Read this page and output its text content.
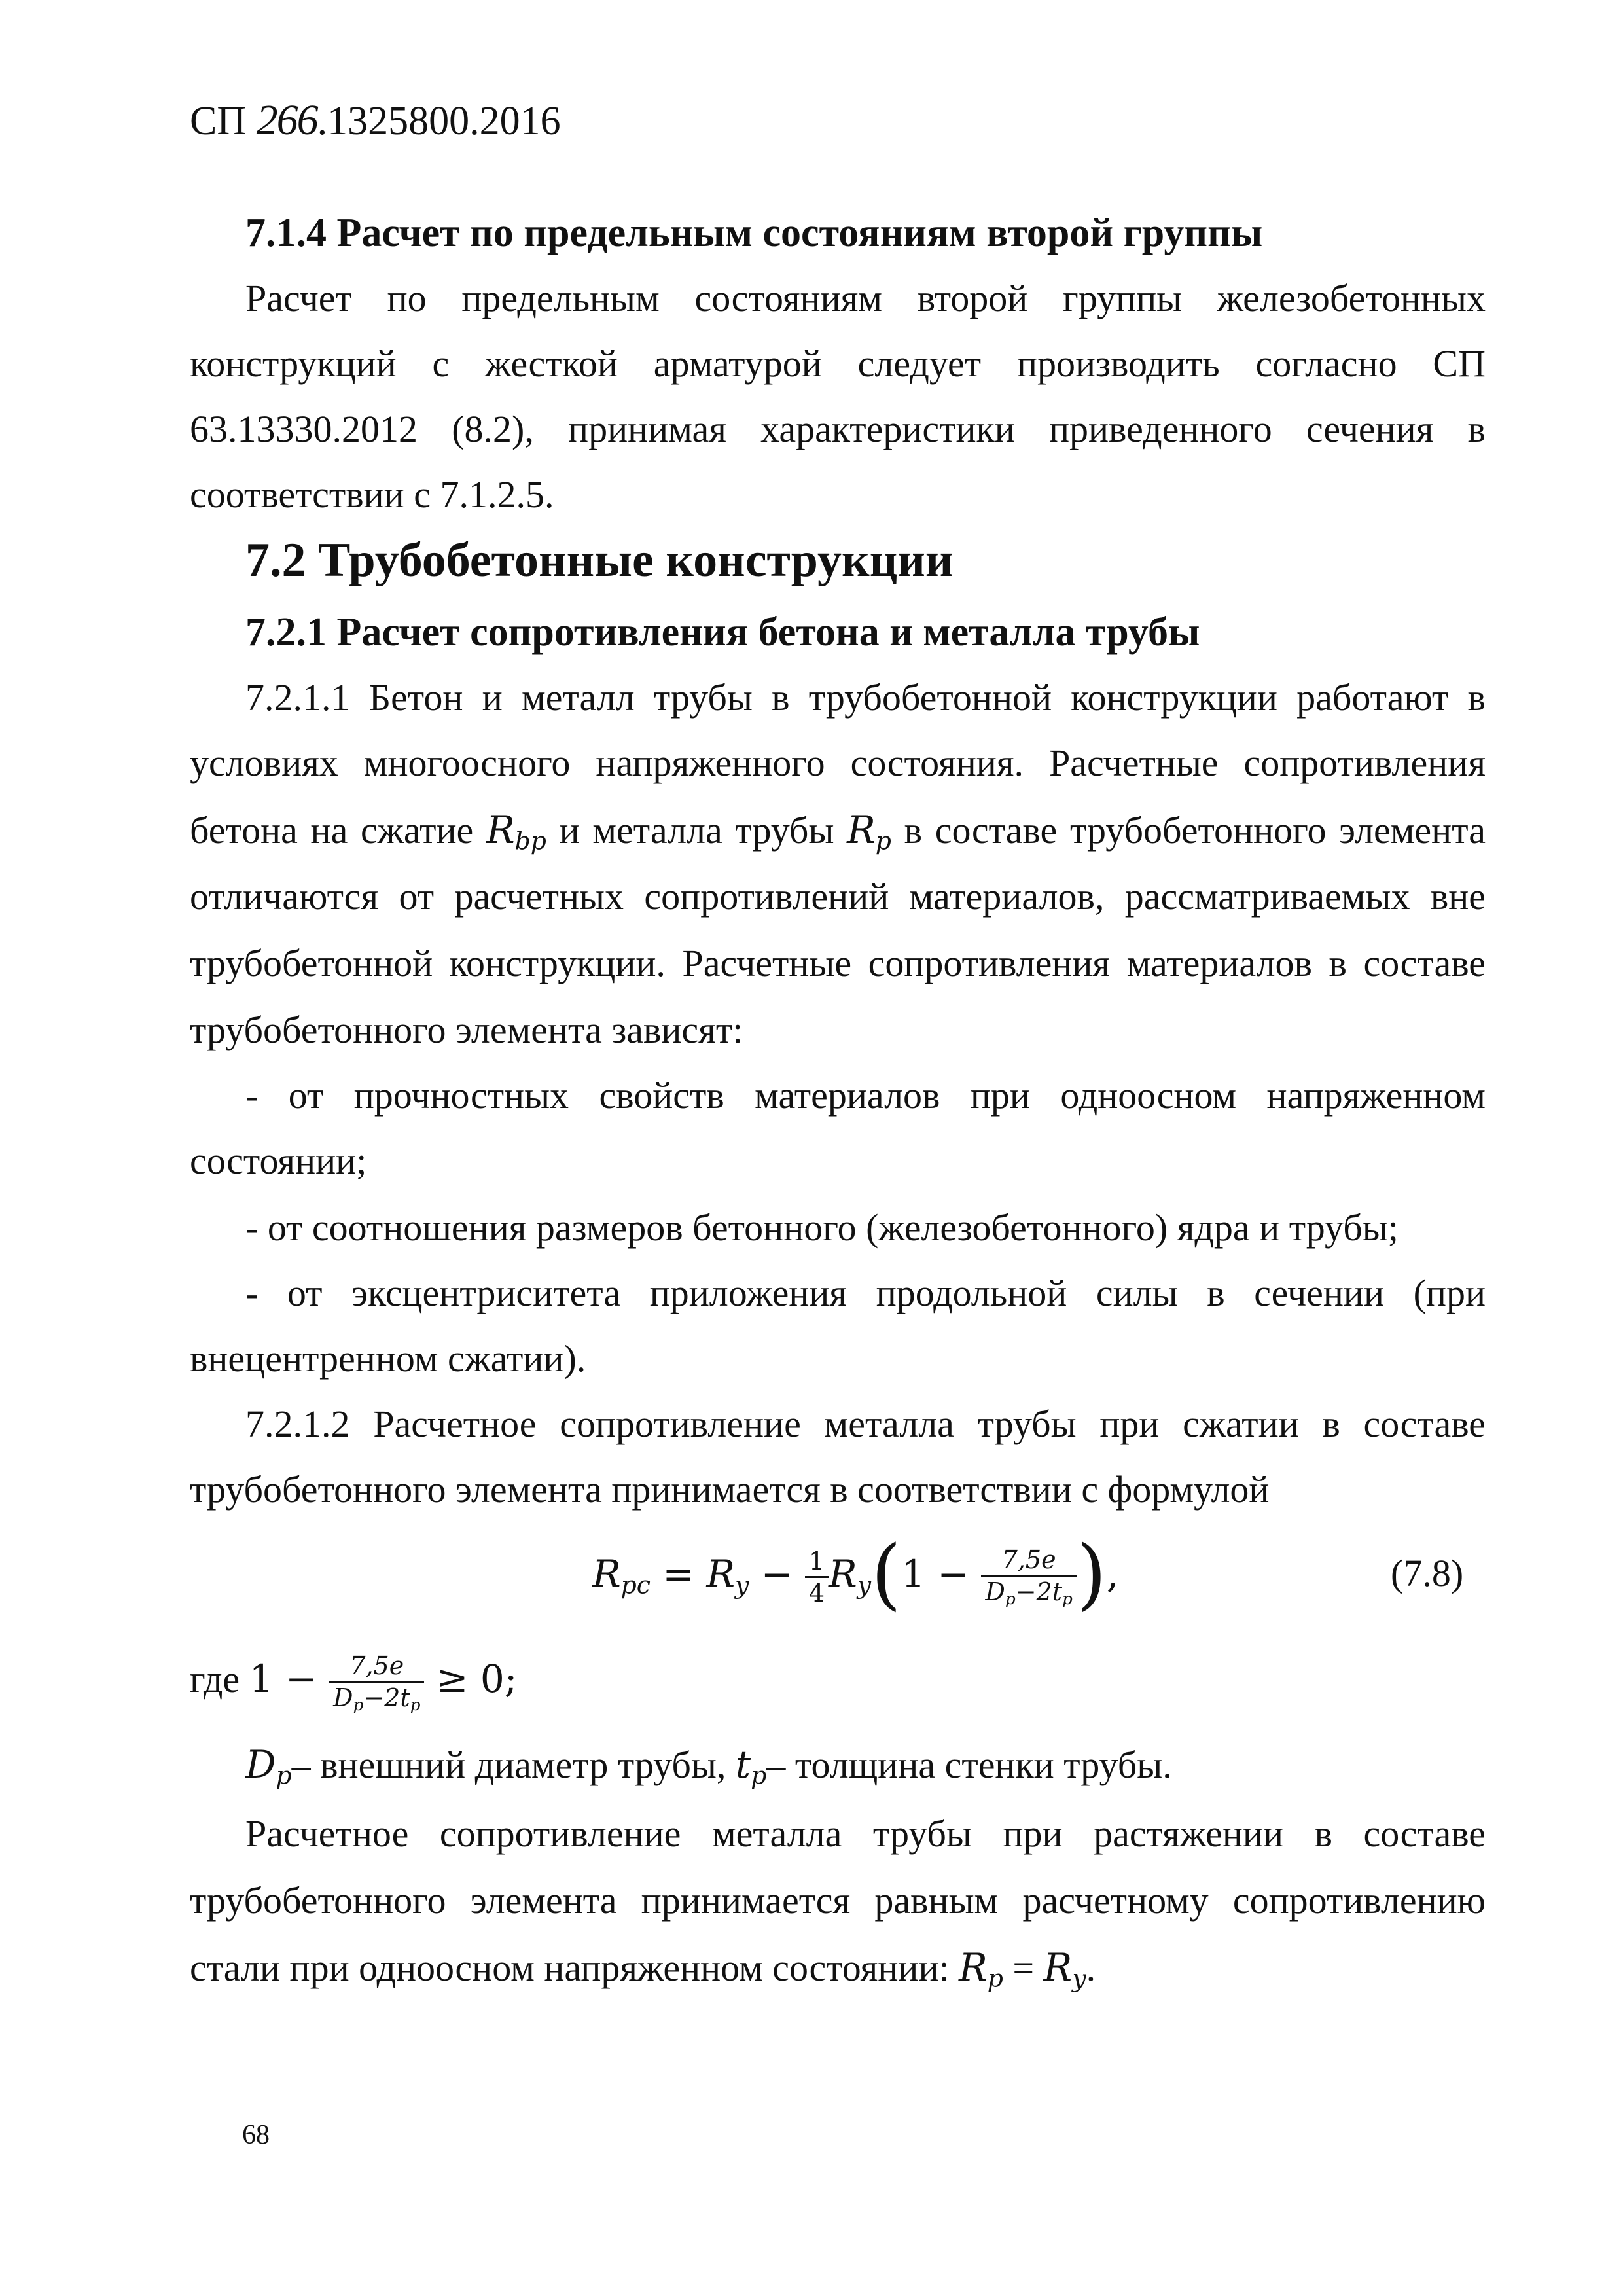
СП 266.1325800.2016
7.1.4 Расчет по предельным состояниям второй группы
Расчет по предельным состояниям второй группы железобетонных
конструкций с жесткой арматурой следует производить согласно СП
63.13330.2012 (8.2), принимая характеристики приведенного сечения в
соответствии с 7.1.2.5.
7.2 Трубобетонные конструкции
7.2.1 Расчет сопротивления бетона и металла трубы
7.2.1.1 Бетон и металл трубы в трубобетонной конструкции работают в
условиях многоосного напряженного состояния. Расчетные сопротивления
бетона на сжатие $R_{bp}$ и металла трубы $R_p$ в составе трубобетонного элемента
отличаются от расчетных сопротивлений материалов, рассматриваемых вне
трубобетонной конструкции. Расчетные сопротивления материалов в составе
трубобетонного элемента зависят:
- от прочностных свойств материалов при одноосном напряженном
состоянии;
- от соотношения размеров бетонного (железобетонного) ядра и трубы;
- от эксцентриситета приложения продольной силы в сечении (при
внецентренном сжатии).
7.2.1.2 Расчетное сопротивление металла трубы при сжатии в составе
трубобетонного элемента принимается в соответствии с формулой
$R_{pc} = R_y - \frac{1}{4} R_y(1 - \frac{7,5e}{D_p-2t_p}$ ),	(7.8)
где $1 - \frac{7,5e}{D_p-2t_p} \ge 0$;
$D_p-$ внешний диаметр трубы, $t_p-$ толщина стенки трубы.
Расчетное сопротивление металла трубы при растяжении в составе
трубобетонного элемента принимается равным расчетному сопротивлению
стали при одноосном напряженном состоянии: $R_p = R_y$.
68
